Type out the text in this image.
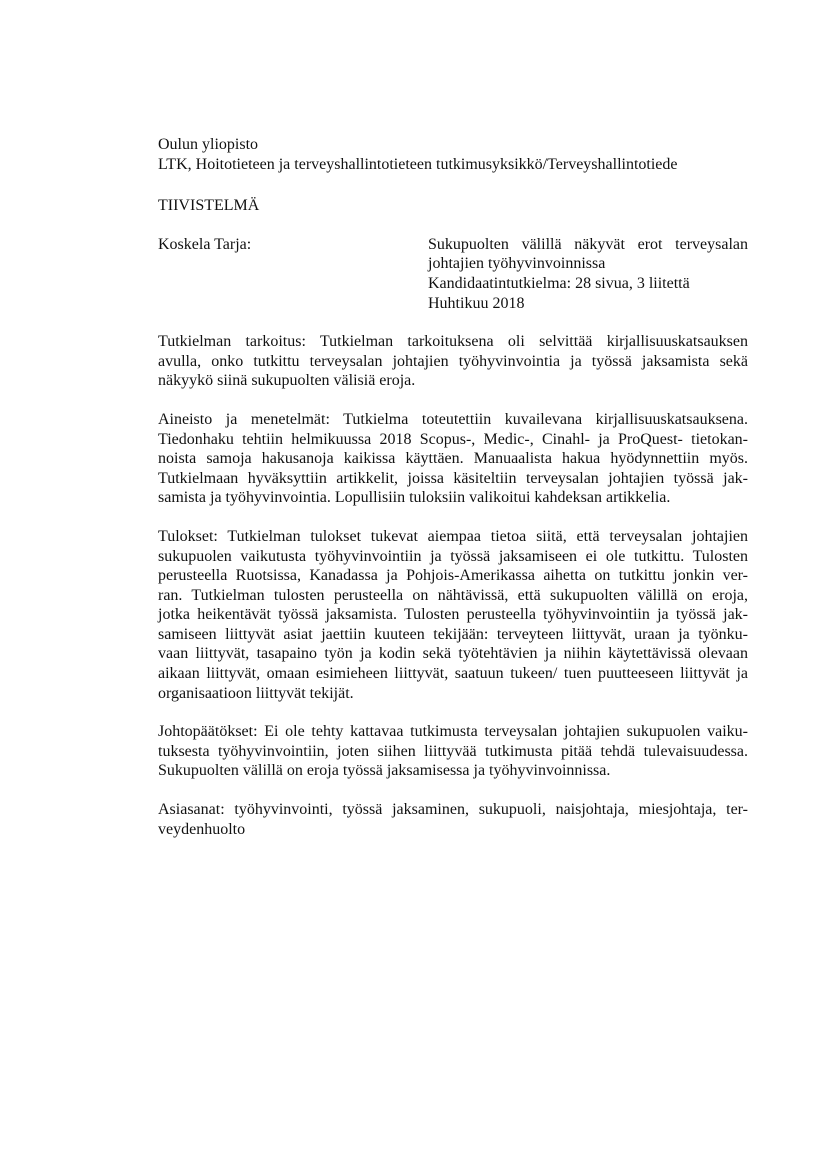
Oulun yliopisto
LTK, Hoitotieteen ja terveyshallintotieteen tutkimusyksikkö/Terveyshallintotiede
TIIVISTELMÄ
Koskela Tarja:	Sukupuolten välillä näkyvät erot terveysalan
johtajien työhyvinvoinnissa
Kandidaatintutkielma: 28 sivua, 3 liitettä
Huhtikuu 2018
Tutkielman tarkoitus: Tutkielman tarkoituksena oli selvittää kirjallisuuskatsauksen
avulla, onko tutkittu terveysalan johtajien työhyvinvointia ja työssä jaksamista sekä
näkyykö siinä sukupuolten välisiä eroja.
Aineisto ja menetelmät: Tutkielma toteutettiin kuvailevana kirjallisuuskatsauksena.
Tiedonhaku tehtiin helmikuussa 2018 Scopus-, Medic-, Cinahl- ja ProQuest- tietokan-
noista samoja hakusanoja kaikissa käyttäen. Manuaalista hakua hyödynnettiin myös.
Tutkielmaan hyväksyttiin artikkelit, joissa käsiteltiin terveysalan johtajien työssä jak-
samista ja työhyvinvointia. Lopullisiin tuloksiin valikoitui kahdeksan artikkelia.
Tulokset: Tutkielman tulokset tukevat aiempaa tietoa siitä, että terveysalan johtajien
sukupuolen vaikutusta työhyvinvointiin ja työssä jaksamiseen ei ole tutkittu. Tulosten
perusteella Ruotsissa, Kanadassa ja Pohjois-Amerikassa aihetta on tutkittu jonkin ver-
ran. Tutkielman tulosten perusteella on nähtävissä, että sukupuolten välillä on eroja,
jotka heikentävät työssä jaksamista. Tulosten perusteella työhyvinvointiin ja työssä jak-
samiseen liittyvät asiat jaettiin kuuteen tekijään: terveyteen liittyvät, uraan ja työnku-
vaan liittyvät, tasapaino työn ja kodin sekä työtehtävien ja niihin käytettävissä olevaan
aikaan liittyvät, omaan esimieheen liittyvät, saatuun tukeen/ tuen puutteeseen liittyvät ja
organisaatioon liittyvät tekijät.
Johtopäätökset: Ei ole tehty kattavaa tutkimusta terveysalan johtajien sukupuolen vaiku-
tuksesta työhyvinvointiin, joten siihen liittyvää tutkimusta pitää tehdä tulevaisuudessa.
Sukupuolten välillä on eroja työssä jaksamisessa ja työhyvinvoinnissa.
Asiasanat: työhyvinvointi, työssä jaksaminen, sukupuoli, naisjohtaja, miesjohtaja, ter-
veydenhuolto
